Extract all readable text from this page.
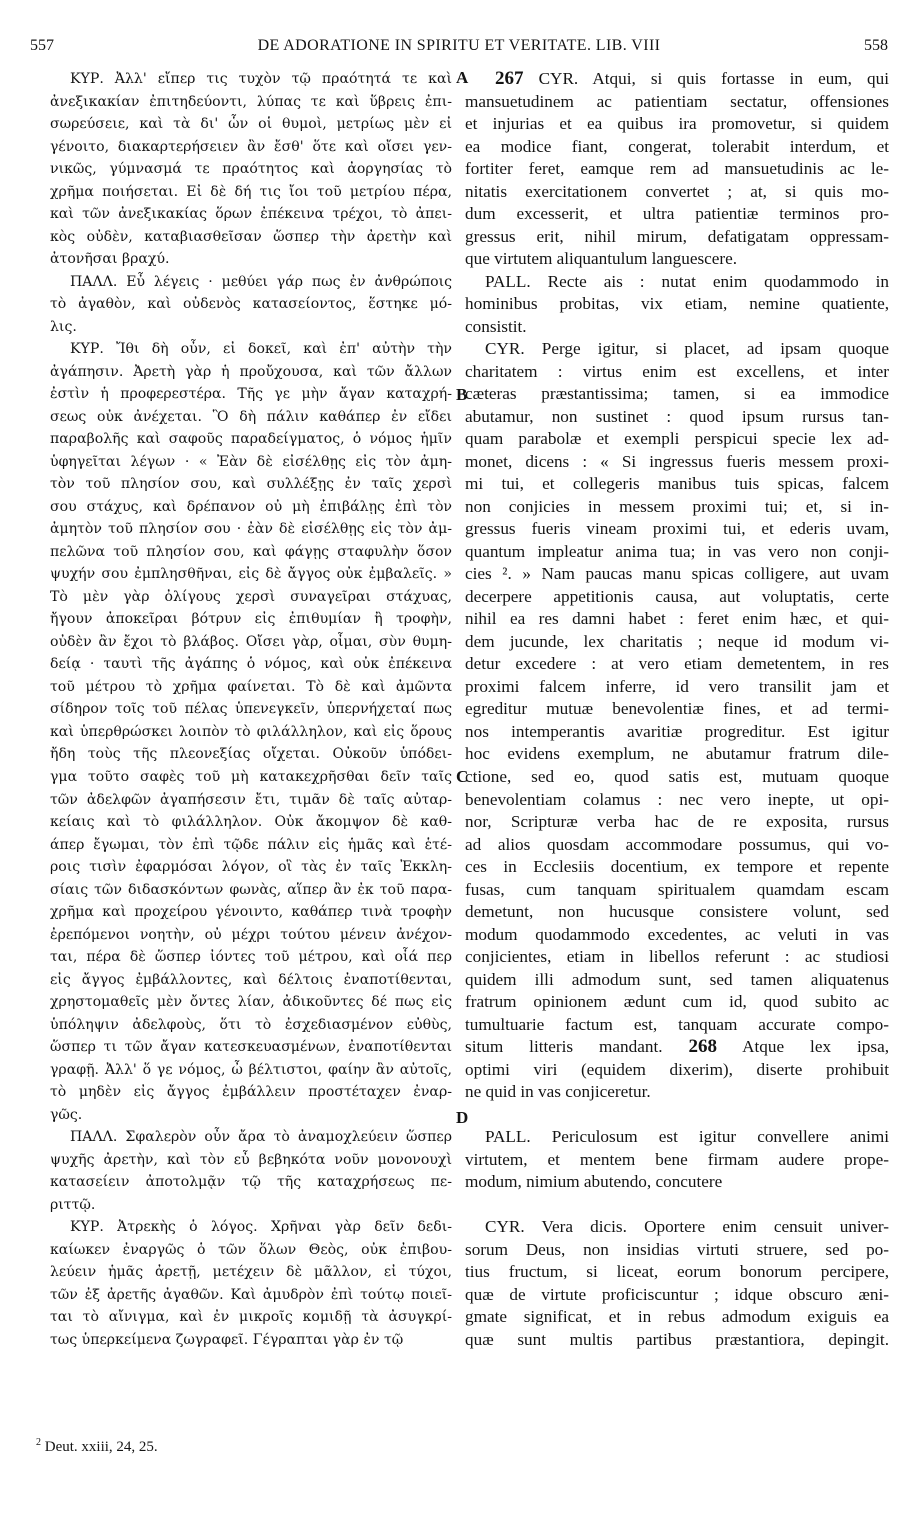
557	DE ADORATIONE IN SPIRITU ET VERITATE. LIB. VIII	558
ΚΥΡ. Ἀλλ' εἴπερ τις τυχὸν τῷ πραότητά τε καὶ
ἀνεξικακίαν ἐπιτηδεύοντι, λύπας τε καὶ ὕβρεις ἐπι-
σωρεύσειε, καὶ τὰ δι' ὧν οἱ θυμοὶ, μετρίως μὲν εἰ
γένοιτο, διακαρτερήσειεν ἂν ἔσθ' ὅτε καὶ οἴσει γεν-
νικῶς, γύμνασμά τε πραότητος καὶ ἀοργησίας τὸ
χρῆμα ποιήσεται. Εἰ δὲ δή τις ἴοι τοῦ μετρίου πέρα,
καὶ τῶν ἀνεξικακίας ὅρων ἐπέκεινα τρέχοι, τὸ ἀπει-
κὸς οὐδὲν, καταβιασθεῖσαν ὥσπερ τὴν ἀρετὴν καὶ
ἀτονῆσαι βραχύ.
ΠΑΛΛ. Εὖ λέγεις · μεθύει γάρ πως ἐν ἀνθρώποις
τὸ ἀγαθὸν, καὶ οὐδενὸς κατασείοντος, ἕστηκε μό-
λις.
ΚΥΡ. Ἴθι δὴ οὖν, εἰ δοκεῖ, καὶ ἐπ' αὐτὴν τὴν
ἀγάπησιν. Ἀρετὴ γὰρ ἡ προὔχουσα, καὶ τῶν ἄλλων
ἐστὶν ἡ προφερεστέρα. Τῆς γε μὴν ἄγαν καταχρή-
σεως οὐκ ἀνέχεται. Ὃ δὴ πάλιν καθάπερ ἐν εἴδει
παραβολῆς καὶ σαφοῦς παραδείγματος, ὁ νόμος ἡμῖν
ὑφηγεῖται λέγων · « Ἐὰν δὲ εἰσέλθῃς εἰς τὸν ἀμη-
τὸν τοῦ πλησίον σου, καὶ συλλέξῃς ἐν ταῖς χερσὶ
σου στάχυς, καὶ δρέπανον οὐ μὴ ἐπιβάλῃς ἐπὶ τὸν
ἀμητὸν τοῦ πλησίον σου · ἐὰν δὲ εἰσέλθῃς εἰς τὸν ἀμ-
πελῶνα τοῦ πλησίον σου, καὶ φάγῃς σταφυλὴν ὅσον
ψυχήν σου ἐμπλησθῆναι, εἰς δὲ ἄγγος οὐκ ἐμβαλεῖς. »
Τὸ μὲν γὰρ ὀλίγους χερσὶ συναγεῖραι στάχυας,
ἤγουν ἀποκεῖραι βότρυν εἰς ἐπιθυμίαν ἢ τροφὴν,
οὐδὲν ἂν ἔχοι τὸ βλάβος. Οἴσει γὰρ, οἶμαι, σὺν θυμη-
δείᾳ · ταυτὶ τῆς ἀγάπης ὁ νόμος, καὶ οὐκ ἐπέκεινα
τοῦ μέτρου τὸ χρῆμα φαίνεται. Τὸ δὲ καὶ ἀμῶντα
σίδηρον τοῖς τοῦ πέλας ὑπενεγκεῖν, ὑπερνήχεταί πως
καὶ ὑπερθρώσκει λοιπὸν τὸ φιλάλληλον, καὶ εἰς ὅρους
ἤδη τοὺς τῆς πλεονεξίας οἴχεται. Οὐκοῦν ὑπόδει-
γμα τοῦτο σαφὲς τοῦ μὴ κατακεχρῆσθαι δεῖν ταῖς
τῶν ἀδελφῶν ἀγαπήσεσιν ἔτι, τιμᾶν δὲ ταῖς αὐταρ-
κείαις καὶ τὸ φιλάλληλον. Οὐκ ἄκομψον δὲ καθ-
άπερ ἔγωμαι, τὸν ἐπὶ τῷδε πάλιν εἰς ἡμᾶς καὶ ἑτέ-
ροις τισὶν ἐφαρμόσαι λόγον, οἳ τὰς ἐν ταῖς Ἐκκλη-
σίαις τῶν διδασκόντων φωνὰς, αἵπερ ἂν ἐκ τοῦ παρα-
χρῆμα καὶ προχείρου γένοιντο, καθάπερ τινὰ τροφὴν
ἐρεπόμενοι νοητὴν, οὐ μέχρι τούτου μένειν ἀνέχον-
ται, πέρα δὲ ὥσπερ ἰόντες τοῦ μέτρου, καὶ οἷά περ
εἰς ἄγγος ἐμβάλλοντες, καὶ δέλτοις ἐναποτίθενται,
χρηστομαθεῖς μὲν ὄντες λίαν, ἀδικοῦντες δέ πως εἰς
ὑπόληψιν ἀδελφοὺς, ὅτι τὸ ἐσχεδιασμένον εὐθὺς,
ὥσπερ τι τῶν ἄγαν κατεσκευασμένων, ἐναποτίθενται
γραφῇ. Ἀλλ' ὅ γε νόμος, ὦ βέλτιστοι, φαίην ἂν αὐτοῖς,
τὸ μηδὲν εἰς ἄγγος ἐμβάλλειν προστέταχεν ἐναρ-
γῶς.
ΠΑΛΛ. Σφαλερὸν οὖν ἄρα τὸ ἀναμοχλεύειν ὥσπερ
ψυχῆς ἀρετὴν, καὶ τὸν εὖ βεβηκότα νοῦν μονονουχὶ
κατασείειν ἀποτολμᾷν τῷ τῆς καταχρήσεως πε-
ριττῷ.
ΚΥΡ. Ἀτρεκὴς ὁ λόγος. Χρῆναι γὰρ δεῖν δεδι-
καίωκεν ἐναργῶς ὁ τῶν ὅλων Θεὸς, οὐκ ἐπιβου-
λεύειν ἡμᾶς ἀρετῇ, μετέχειν δὲ μᾶλλον, εἰ τύχοι,
τῶν ἐξ ἀρετῆς ἀγαθῶν. Καὶ ἀμυδρὸν ἐπὶ τούτῳ ποιεῖ-
ται τὸ αἴνιγμα, καὶ ἐν μικροῖς κομιδῇ τὰ ἀσυγκρί-
τως ὑπερκείμενα ζωγραφεῖ. Γέγραπται γὰρ ἐν τῷ
267 CYR. Atqui, si quis fortasse in eum, qui
mansuetudinem ac patientiam sectatur, offensiones
et injurias et ea quibus ira promovetur, si quidem
ea modice fiant, congerat, tolerabit interdum, et
fortiter feret, eamque rem ad mansuetudinis ac le-
nitatis exercitationem convertet ; at, si quis mo-
dum excesserit, et ultra patientiæ terminos pro-
gressus erit, nihil mirum, defatigatam oppressam-
que virtutem aliquantulum languescere.
PALL. Recte ais : nutat enim quodammodo in
hominibus probitas, vix etiam, nemine quatiente,
consistit.
CYR. Perge igitur, si placet, ad ipsam quoque
charitatem : virtus enim est excellens, et inter
cæteras præstantissima; tamen, si ea immodice
abutamur, non sustinet : quod ipsum rursus tan-
quam parabolæ et exempli perspicui specie lex ad-
monet, dicens : « Si ingressus fueris messem proxi-
mi tui, et collegeris manibus tuis spicas, falcem
non conjicies in messem proximi tui; et, si in-
gressus fueris vineam proximi tui, et ederis uvam,
quantum impleatur anima tua; in vas vero non conji-
cies ². » Nam paucas manu spicas colligere, aut uvam
decerpere appetitionis causa, aut voluptatis, certe
nihil ea res damni habet : feret enim hæc, et qui-
dem jucunde, lex charitatis ; neque id modum vi-
detur excedere : at vero etiam demetentem, in res
proximi falcem inferre, id vero transilit jam et
egreditur mutuæ benevolentiæ fines, et ad termi-
nos intemperantis avaritiæ progreditur. Est igitur
hoc evidens exemplum, ne abutamur fratrum dile-
ctione, sed eo, quod satis est, mutuam quoque
benevolentiam colamus : nec vero inepte, ut opi-
nor, Scripturæ verba hac de re exposita, rursus
ad alios quosdam accommodare possumus, qui vo-
ces in Ecclesiis docentium, ex tempore et repente
fusas, cum tanquam spiritualem quamdam escam
demetunt, non hucusque consistere volunt, sed
modum quodammodo excedentes, ac veluti in vas
conjicientes, etiam in libellos referunt : ac studiosi
quidem illi admodum sunt, sed tamen aliquatenus
fratrum opinionem ædunt cum id, quod subito ac
tumultuarie factum est, tanquam accurate compo-
situm litteris mandant. 268 Atque lex ipsa,
optimi viri (equidem dixerim), diserte prohibuit
ne quid in vas conjiceretur.
PALL. Periculosum est igitur convellere animi
virtutem, et mentem bene firmam audere prope-
modum, nimium abutendo, concutere
CYR. Vera dicis. Oportere enim censuit univer-
sorum Deus, non insidias virtuti struere, sed po-
tius fructum, si liceat, eorum bonorum percipere,
quæ de virtute proficiscuntur ; idque obscuro æni-
gmate significat, et in rebus admodum exiguis ea
quæ sunt multis partibus præstantiora, depingit.
A
B
C
D
$^2$ Deut. xxiii, 24, 25.
